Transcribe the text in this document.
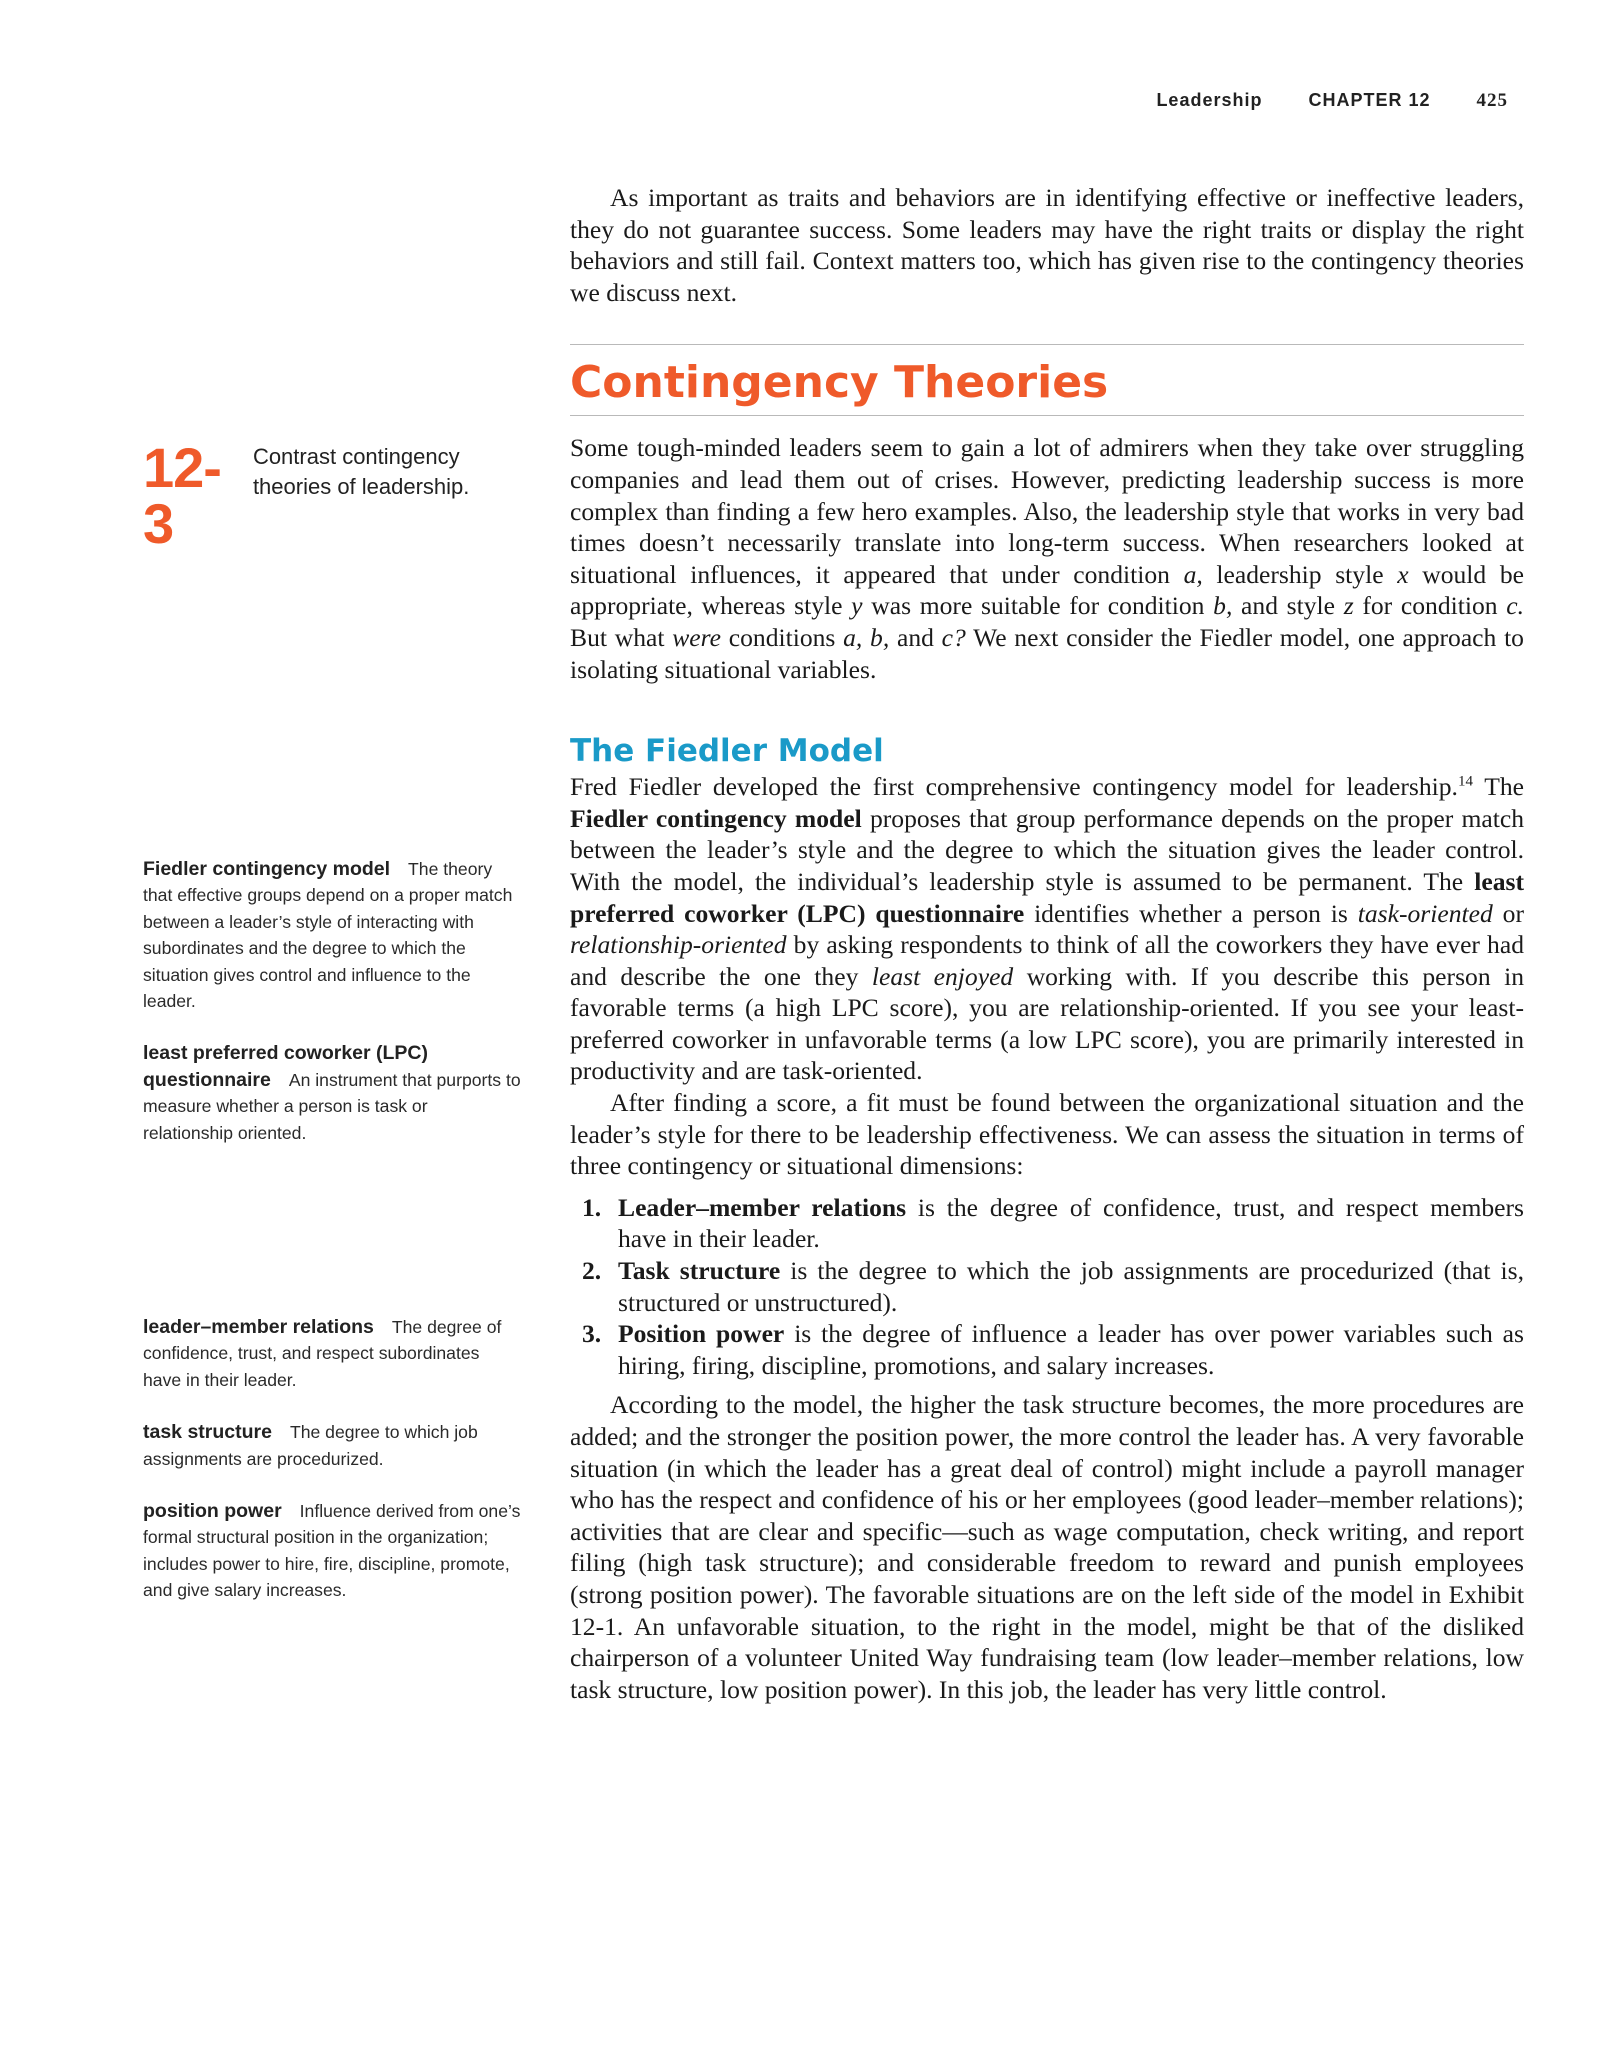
Leadership	CHAPTER 12 425
12-3
Contrast contingency theories of leadership.

Fiedler contingency model The theory that effective groups depend on a proper match between a leader’s style of interacting with subordinates and the degree to which the situation gives control and influence to the leader.

least preferred coworker (LPC) questionnaire An instrument that purports to measure whether a person is task or relationship oriented.

leader–member relations The degree of confidence, trust, and respect subordinates have in their leader.

task structure The degree to which job assignments are procedurized.

position power Influence derived from one’s formal structural position in the organization; includes power to hire, fire, discipline, promote, and give salary increases.

As important as traits and behaviors are in identifying effective or ineffective leaders, they do not guarantee success. Some leaders may have the right traits or display the right behaviors and still fail. Context matters too, which has given rise to the contingency theories we discuss next.

Contingency Theories

Some tough-minded leaders seem to gain a lot of admirers when they take over struggling companies and lead them out of crises. However, predicting leadership success is more complex than finding a few hero examples. Also, the leadership style that works in very bad times doesn’t necessarily translate into long-term success. When researchers looked at situational influences, it appeared that under condition a, leadership style x would be appropriate, whereas style y was more suitable for condition b, and style z for condition c. But what were conditions a, b, and c? We next consider the Fiedler model, one approach to isolating situational variables.

The Fiedler Model

Fred Fiedler developed the first comprehensive contingency model for leadership.$^{14}$ The Fiedler contingency model proposes that group performance depends on the proper match between the leader’s style and the degree to which the situation gives the leader control. With the model, the individual’s leadership style is assumed to be permanent. The least preferred coworker (LPC) questionnaire identifies whether a person is task-oriented or relationship-oriented by asking respondents to think of all the coworkers they have ever had and describe the one they least enjoyed working with. If you describe this person in favorable terms (a high LPC score), you are relationship-oriented. If you see your least-preferred coworker in unfavorable terms (a low LPC score), you are primarily interested in productivity and are task-oriented.

After finding a score, a fit must be found between the organizational situation and the leader’s style for there to be leadership effectiveness. We can assess the situation in terms of three contingency or situational dimensions:

1. Leader–member relations is the degree of confidence, trust, and respect members have in their leader.
2. Task structure is the degree to which the job assignments are procedurized (that is, structured or unstructured).
3. Position power is the degree of influence a leader has over power variables such as hiring, firing, discipline, promotions, and salary increases.

According to the model, the higher the task structure becomes, the more procedures are added; and the stronger the position power, the more control the leader has. A very favorable situation (in which the leader has a great deal of control) might include a payroll manager who has the respect and confidence of his or her employees (good leader–member relations); activities that are clear and specific—such as wage computation, check writing, and report filing (high task structure); and considerable freedom to reward and punish employees (strong position power). The favorable situations are on the left side of the model in Exhibit 12-1. An unfavorable situation, to the right in the model, might be that of the disliked chairperson of a volunteer United Way fundraising team (low leader–member relations, low task structure, low position power). In this job, the leader has very little control.
